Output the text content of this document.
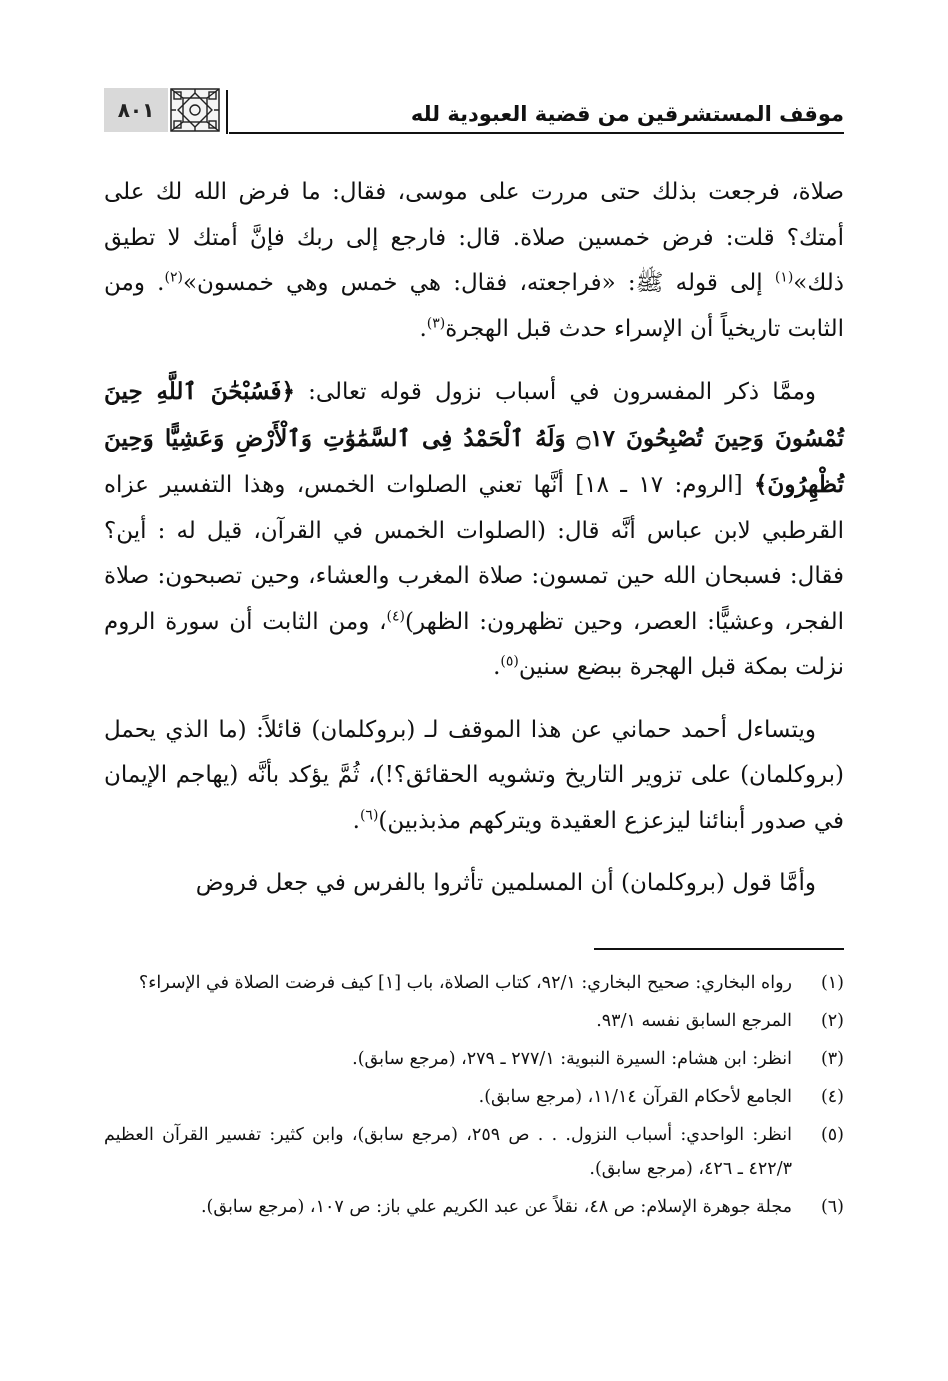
موقف المستشرقين من قضية العبودية لله
٨٠١

صلاة، فرجعت بذلك حتى مررت على موسى، فقال: ما فرض الله لك على أمتك؟ قلت: فرض خمسين صلاة. قال: فارجع إلى ربك فإنَّ أمتك لا تطيق ذلك»$^{(١)}$ إلى قوله ﷺ: «فراجعته، فقال: هي خمس وهي خمسون»$^{(٢)}$. ومن الثابت تاريخياً أن الإسراء حدث قبل الهجرة$^{(٣)}$.

وممَّا ذكر المفسرون في أسباب نزول قوله تعالى: ﴿فَسُبْحَٰنَ ٱللَّهِ حِينَ تُمْسُونَ وَحِينَ تُصْبِحُونَ ۝١٧ وَلَهُ ٱلْحَمْدُ فِى ٱلسَّمَٰوَٰتِ وَٱلْأَرْضِ وَعَشِيًّا وَحِينَ تُظْهِرُونَ﴾ [الروم: ١٧ ـ ١٨] أنَّها تعني الصلوات الخمس، وهذا التفسير عزاه القرطبي لابن عباس أنَّه قال: (الصلوات الخمس في القرآن، قيل له : أين؟ فقال: فسبحان الله حين تمسون: صلاة المغرب والعشاء، وحين تصبحون: صلاة الفجر، وعشيًّا: العصر، وحين تظهرون: الظهر)$^{(٤)}$، ومن الثابت أن سورة الروم نزلت بمكة قبل الهجرة ببضع سنين$^{(٥)}$.

ويتساءل أحمد حماني عن هذا الموقف لـ (بروكلمان) قائلاً: (ما الذي يحمل (بروكلمان) على تزوير التاريخ وتشويه الحقائق؟!)، ثُمَّ يؤكد بأنَّه (يهاجم الإيمان في صدور أبنائنا ليزعزع العقيدة ويتركهم مذبذبين)$^{(٦)}$.

وأمَّا قول (بروكلمان) أن المسلمين تأثروا بالفرس في جعل فروض

(١)
رواه البخاري: صحيح البخاري: ٩٢/١، كتاب الصلاة، باب [١] كيف فرضت الصلاة في الإسراء؟
(٢)
المرجع السابق نفسه ٩٣/١.
(٣)
انظر: ابن هشام: السيرة النبوية: ٢٧٧/١ ـ ٢٧٩، (مرجع سابق).
(٤)
الجامع لأحكام القرآن ١١/١٤، (مرجع سابق).
(٥)
انظر: الواحدي: أسباب النزول. . . ص ٢٥٩، (مرجع سابق)، وابن كثير: تفسير القرآن العظيم ٤٢٢/٣ ـ ٤٢٦، (مرجع سابق).
(٦)
مجلة جوهرة الإسلام: ص ٤٨، نقلاً عن عبد الكريم علي باز: ص ١٠٧، (مرجع سابق).
